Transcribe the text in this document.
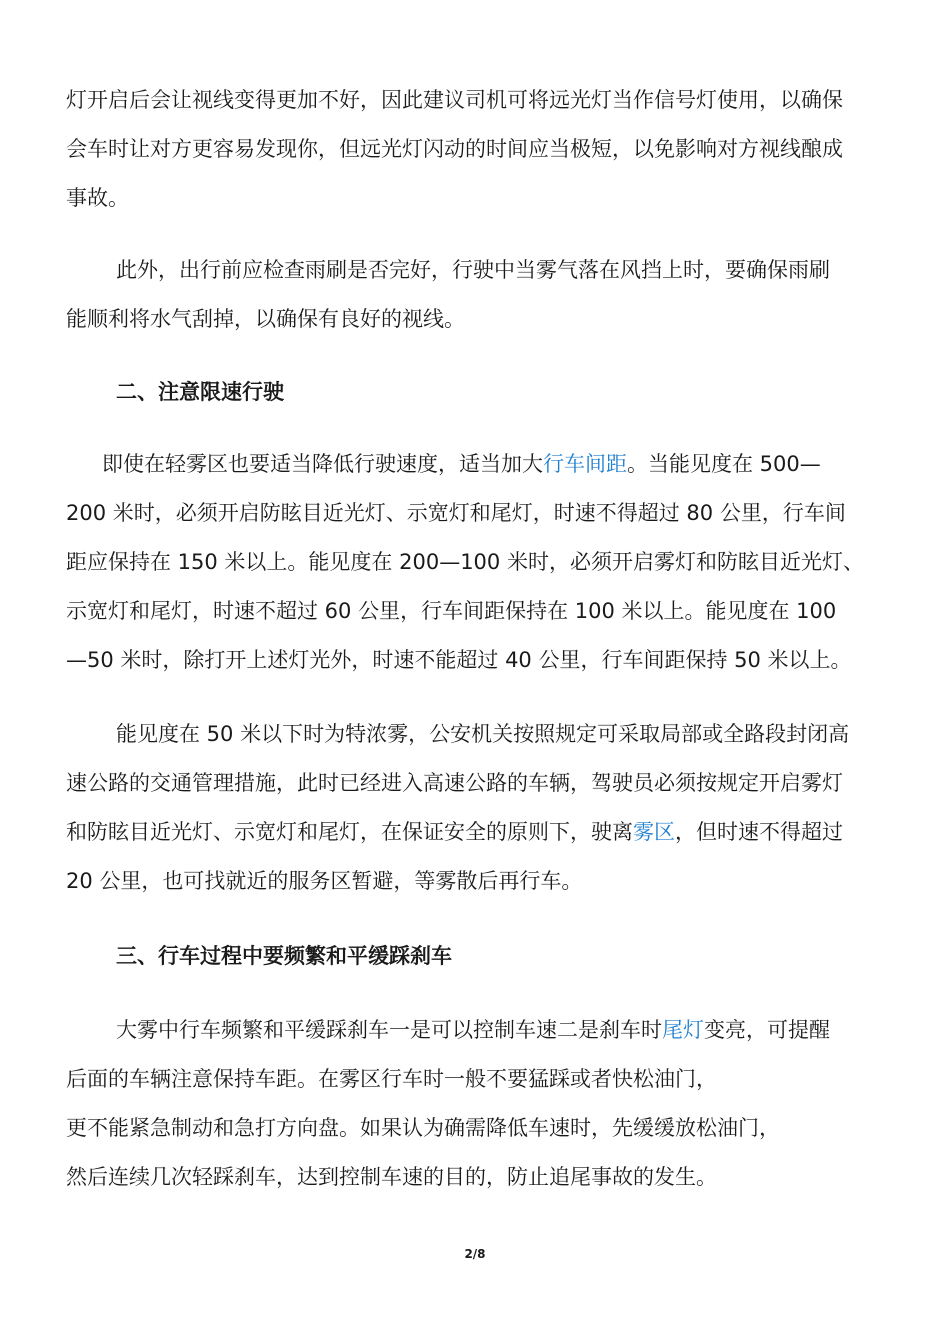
灯开启后会让视线变得更加不好，因此建议司机可将远光灯当作信号灯使用，以确保
会车时让对方更容易发现你，但远光灯闪动的时间应当极短，以免影响对方视线酿成
事故。
此外，出行前应检查雨刷是否完好，行驶中当雾气落在风挡上时，要确保雨刷
能顺利将水气刮掉，以确保有良好的视线。
二、注意限速行驶
即使在轻雾区也要适当降低行驶速度，适当加大行车间距。当能见度在 500—
200 米时，必须开启防眩目近光灯、示宽灯和尾灯，时速不得超过 80 公里，行车间
距应保持在 150 米以上。能见度在 200—100 米时，必须开启雾灯和防眩目近光灯、
示宽灯和尾灯，时速不超过 60 公里，行车间距保持在 100 米以上。能见度在 100
—50 米时，除打开上述灯光外，时速不能超过 40 公里，行车间距保持 50 米以上。
能见度在 50 米以下时为特浓雾，公安机关按照规定可采取局部或全路段封闭高
速公路的交通管理措施，此时已经进入高速公路的车辆，驾驶员必须按规定开启雾灯
和防眩目近光灯、示宽灯和尾灯，在保证安全的原则下，驶离雾区，但时速不得超过
20 公里，也可找就近的服务区暂避，等雾散后再行车。
三、行车过程中要频繁和平缓踩刹车
大雾中行车频繁和平缓踩刹车一是可以控制车速二是刹车时尾灯变亮，可提醒
后面的车辆注意保持车距。在雾区行车时一般不要猛踩或者快松油门，
更不能紧急制动和急打方向盘。如果认为确需降低车速时，先缓缓放松油门，
然后连续几次轻踩刹车，达到控制车速的目的，防止追尾事故的发生。
2/8
